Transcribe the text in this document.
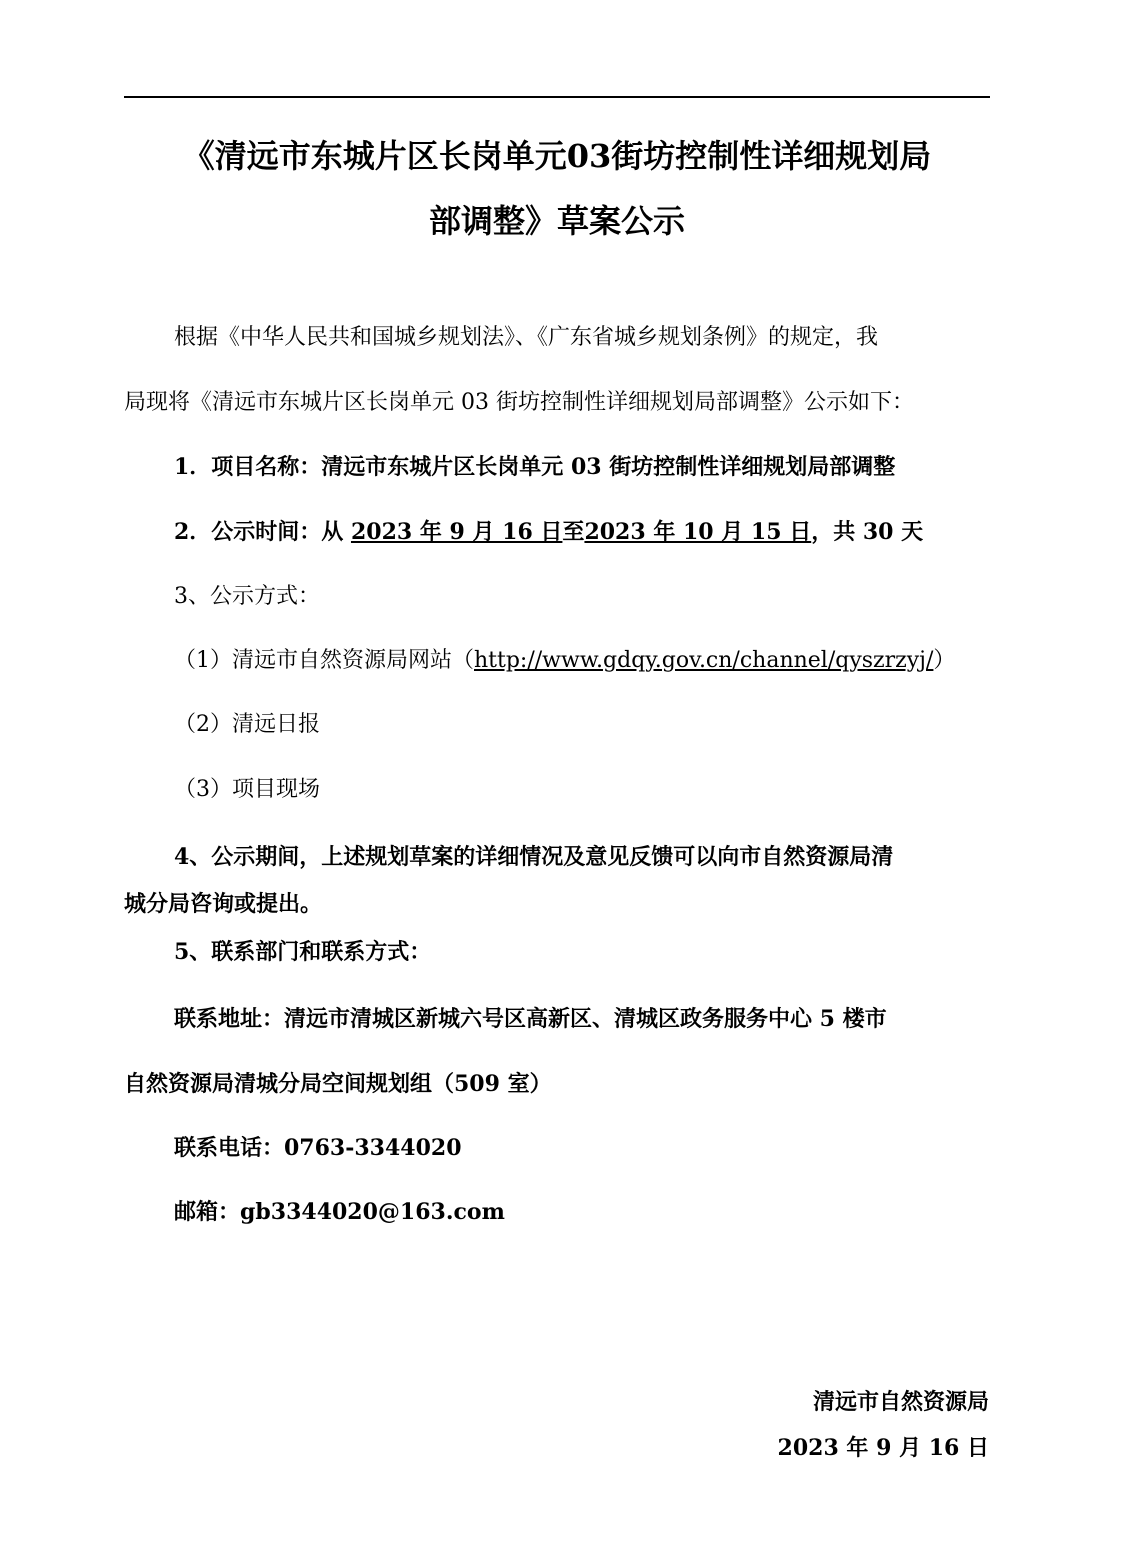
《清远市东城片区长岗单元03街坊控制性详细规划局
部调整》草案公示
根据《中华人民共和国城乡规划法》、《广东省城乡规划条例》的规定，我
局现将《清远市东城片区长岗单元 03 街坊控制性详细规划局部调整》公示如下：
1．项目名称：清远市东城片区长岗单元 03 街坊控制性详细规划局部调整
2．公示时间：从 2023 年 9 月 16 日至2023 年 10 月 15 日，共 30 天
3、公示方式：
（1）清远市自然资源局网站（http://www.gdqy.gov.cn/channel/qyszrzyj/）
（2）清远日报
（3）项目现场
4、公示期间，上述规划草案的详细情况及意见反馈可以向市自然资源局清
城分局咨询或提出。
5、联系部门和联系方式：
联系地址：清远市清城区新城六号区高新区、清城区政务服务中心 5 楼市
自然资源局清城分局空间规划组（509 室）
联系电话：0763-3344020
邮箱：gb3344020@163.com
清远市自然资源局
2023 年 9 月 16 日
